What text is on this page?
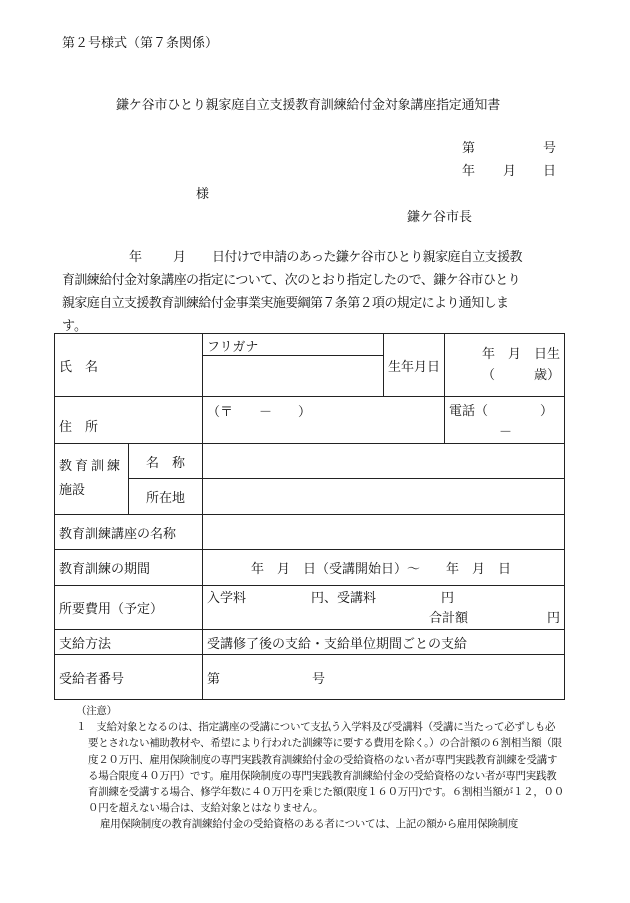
第２号様式（第７条関係）
鎌ケ谷市ひとり親家庭自立支援教育訓練給付金対象講座指定通知書
第	号
年 月 日
様
鎌ケ谷市長
年 月 日付けで申請のあった鎌ケ谷市ひとり親家庭自立支援教
育訓練給付金対象講座の指定について、次のとおり指定したので、鎌ケ谷市ひとり
親家庭自立支援教育訓練給付金事業実施要綱第７条第２項の規定により通知しま
す。
氏　名		フリガナ	生年月日	年　月　日生
（　　　歳）

住　所		（〒　　－　　）		電話（　　　　）
－

教育訓練
施設	名　称			
	所在地			
教育訓練講座の名称				
教育訓練の期間		年　月　日（受講開始日）～　　年　月　日		
所要費用（予定）		入学料　　　　　円、受講料　　　　　円
合計額 円		

支給方法		受講修了後の支給・支給単位期間ごとの支給		
受給者番号		第 号		

（注意）

１　支給対象となるのは、指定講座の受講について支払う入学料及び受講料（受講に当たって必ずしも必要とされない補助教材や、希望により行われた訓練等に要する費用を除く。）の合計額の６割相当額（限度２０万円、雇用保険制度の専門実践教育訓練給付金の受給資格のない者が専門実践教育訓練を受講する場合限度４０万円）です。雇用保険制度の専門実践教育訓練給付金の受給資格のない者が専門実践教育訓練を受講する場合、修学年数に４０万円を乗じた額(限度１６０万円)です。６割相当額が１２，０００円を超えない場合は、支給対象とはなりません。

雇用保険制度の教育訓練給付金の受給資格のある者については、上記の額から雇用保険制度
